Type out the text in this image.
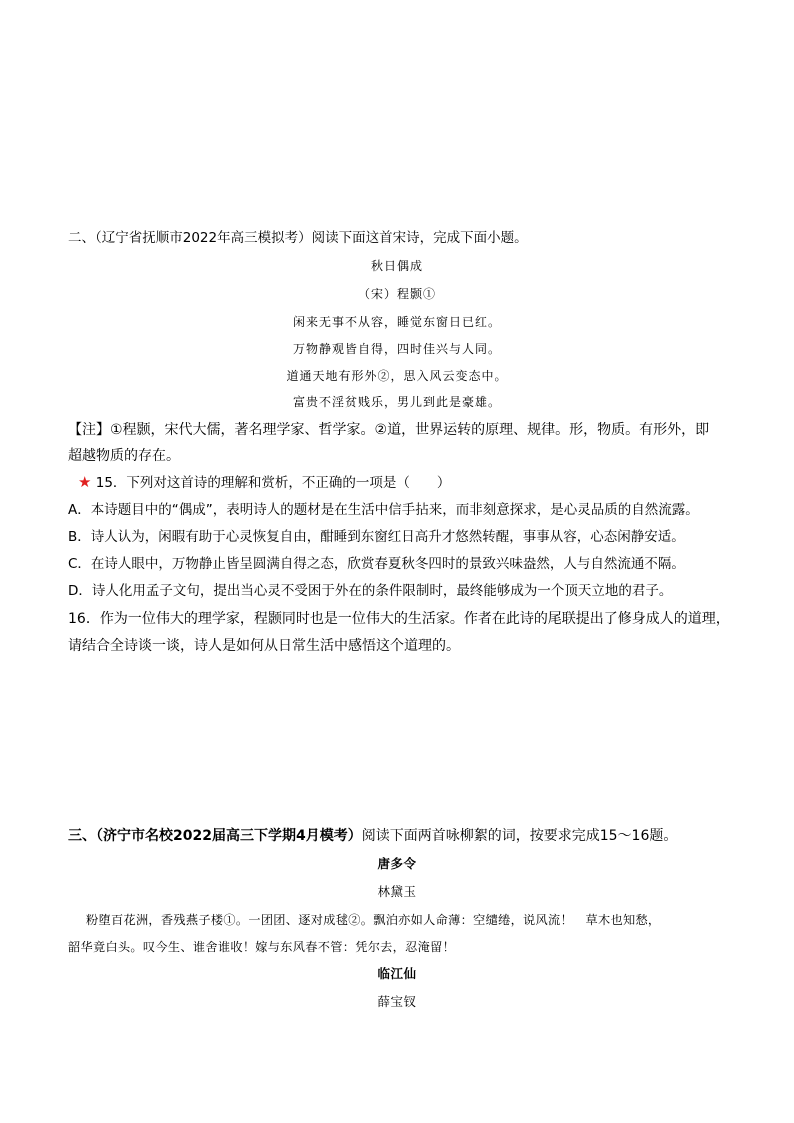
二、（辽宁省抚顺市2022年高三模拟考）阅读下面这首宋诗，完成下面小题。
秋日偶成
（宋）程颢①
闲来无事不从容，睡觉东窗日已红。
万物静观皆自得，四时佳兴与人同。
道通天地有形外②，思入风云变态中。
富贵不淫贫贱乐，男儿到此是豪雄。
【注】①程颢，宋代大儒，著名理学家、哲学家。②道，世界运转的原理、规律。形，物质。有形外，即
超越物质的存在。
★ 15．下列对这首诗的理解和赏析，不正确的一项是（　　）
A．本诗题目中的“偶成”，表明诗人的题材是在生活中信手拈来，而非刻意探求，是心灵品质的自然流露。
B．诗人认为，闲暇有助于心灵恢复自由，酣睡到东窗红日高升才悠然转醒，事事从容，心态闲静安适。
C．在诗人眼中，万物静止皆呈圆满自得之态，欣赏春夏秋冬四时的景致兴味盎然，人与自然流通不隔。
D．诗人化用孟子文句，提出当心灵不受困于外在的条件限制时，最终能够成为一个顶天立地的君子。
16．作为一位伟大的理学家，程颢同时也是一位伟大的生活家。作者在此诗的尾联提出了修身成人的道理，
请结合全诗谈一谈，诗人是如何从日常生活中感悟这个道理的。
三、（济宁市名校2022届高三下学期4月模考）阅读下面两首咏柳絮的词，按要求完成15～16题。
唐多令
林黛玉
粉堕百花洲，香残燕子楼①。一团团、逐对成毬②。飘泊亦如人命薄：空缱绻，说风流！　草木也知愁，
韶华竟白头。叹今生、谁舍谁收！嫁与东风春不管：凭尔去，忍淹留！
临江仙
薛宝钗
